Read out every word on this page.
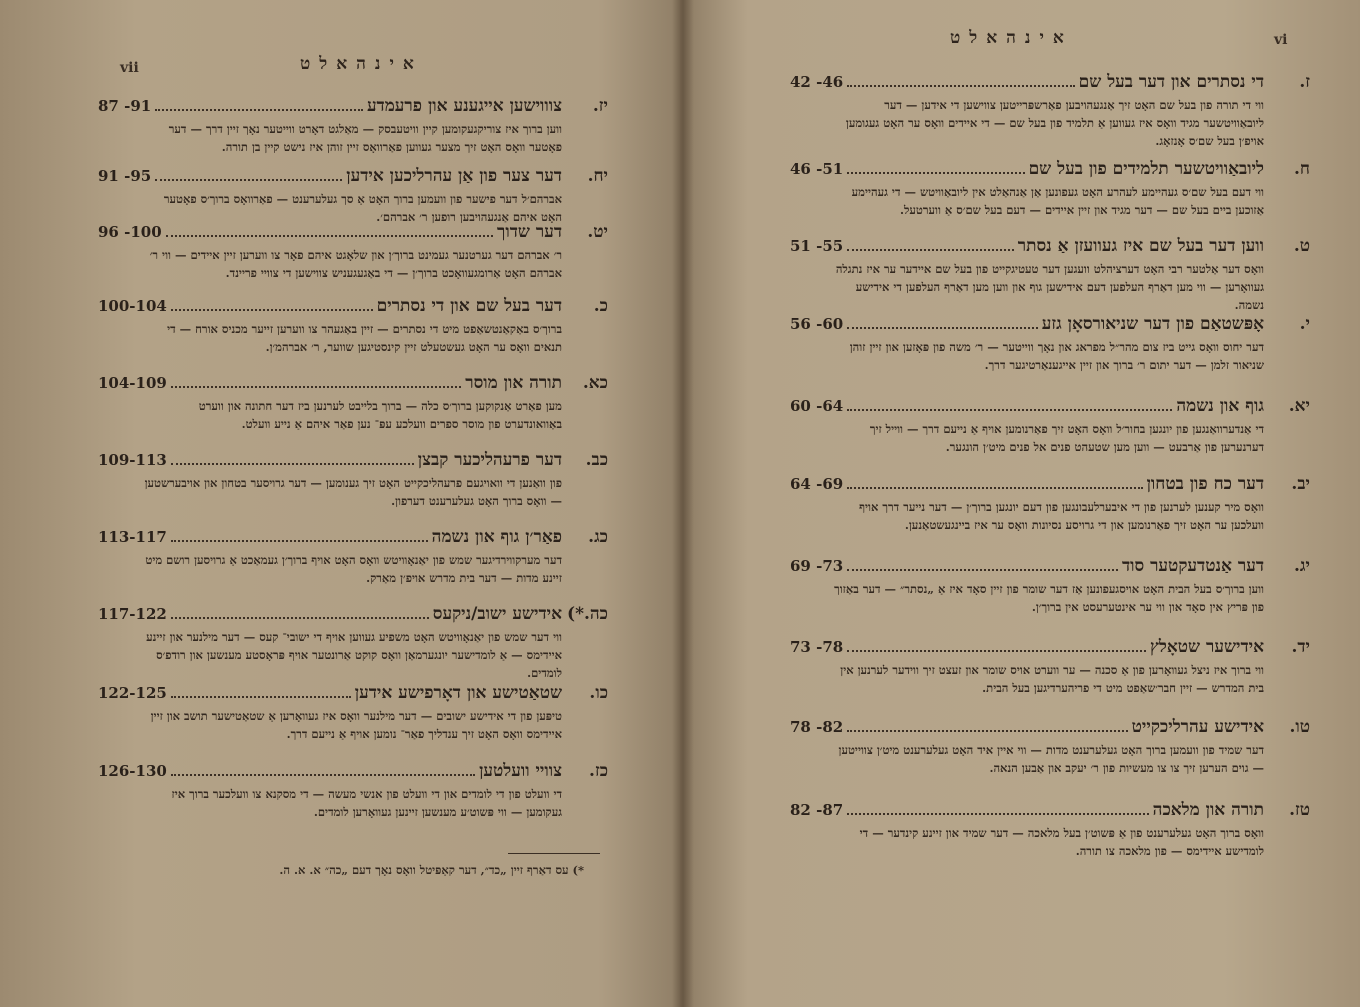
vii	אינהאלט
יז.
צוווישען אייגענע און פרעמדע
87 -91
ווען ברוך איז צוריקגעקומען קיין וויטעבסק — מאַלגט דאָרט ווייטער נאָך זיין דרך — דער פאָטער וואָס האָט זיך מצער געווען פאַרוואָס זיין זוהן איז נישט קיין בן תורה.
יח.
דער צער פון אַן עהרליכען אידען
91 -95
אברהם׳ל דער פישער פון וועמען ברוך האָט אַ סך געלערענט — פאַרוואָס ברוך׳ס פאָטער האָט איהם אַנגעהויבען רופען ר׳ אברהם׳.
יט.
דער שדוך
96 -100
ר׳ אברהם דער גערטנער געמינט ברוך׳ן און שלאָגט איהם פאָר צו ווערען זיין איידים — ווי ר׳ אברהם האָט אַרומגעוואָכט ברוך׳ן — די באַגעגעניש צווישען די צוויי פריינד.
כ.
דער בעל שם און די נסתרים
100-104
ברוך׳ס באַקאַנטשאַפט מיט די נסתרים — זיין באַגעהר צו ווערען זייער מכניס אורח — די תנאים וואָס ער האָט געשטעלט זיין קינסטיגען שווער, ר׳ אברהמ׳ן.
כא.
תורה און מוסר
104-109
מען פאַרט אַנקוקען ברוך׳ס כלה — ברוך בלייבט לערנען ביז דער חתונה און ווערט באַוואונדערט פון מוסר ספרים וועלכע עפּ־ נען פאַר איהם אַ נייע וועלט.
כב.
דער פרעהליכער קבצן
109-113
פון וואַנען די וואויגעם פרעהליכקייט האָט זיך גענומען — דער גרויסער בטחון און אויבערשטען — וואָס ברוך האָט געלערענט דערפון.
כג.
פאַר׳ן גוף און נשמה
113-117
דער מערקווירדיגער שמש פון יאַנאָוויטש וואָס האָט אויף ברוך׳ן געמאַכט אַ גרויסען רושם מיט זיינע מדות — דער בית מדרש אויפ׳ן מאַרק.
כה.*)
אידישע ישוב/ניקעס
117-122
ווי דער שמש פון יאַנאָוויטש האָט משפיע געווען אויף די ישובי־ קעס — דער מילנער און זיינע איידימס — אַ לומדישער יונגערמאַן וואָס קוקט אַרונטער אויף פּראָסטע מענשען און רודפ׳ס לומדים.
כו.
שטאַטישע און דאָרפישע אידען
122-125
טיפּען פון די אידישע ישובים — דער מילנער וואָס איז געוואָרען אַ שטאַטישער תושב און זיין איידימס וואָס האָט זיך ענדליך פאַר־ נומען אויף אַ נייעם דרך.
כז.
צוויי וועלטען
126-130
די וועלט פון די לומדים און די וועלט פון אנשי מעשה — די מסקנא צו וועלכער ברוך איז געקומען — ווי פּשוט׳ע מענשען זיינען געוואָרען לומדים.
*) עס דאַרף זיין „כד״, דער קאַפּיטל וואָס נאָך דעם „כה״ א. א. ה.
vi
אינהאלט
ז.
די נסתרים און דער בעל שם
42 -46
ווי די תורה פון בעל שם האָט זיך אַנגעהויבען פאַרשפּרייטען צווישען די אידען — דער ליובאַוויטשער מגיד וואָס איז געווען אַ תלמיד פון בעל שם — די איידים וואָס ער האָט געגומען אויפ׳ן בעל שם׳ס אָנזאָג.
ח.
ליובאַוויטשער תלמידים פון בעל שם
46 -51
ווי דעם בעל שם׳ס געהיימע לעהרע האָט געפונען אַן אַנהאַלט אין ליובאַוויטש — די געהיימע אַזוכען ביים בעל שם — דער מגיד און זיין איידים — דעם בעל שם׳ס אַ ווערטעל.
ט.
ווען דער בעל שם איז געוועזן אַ נסתר
51 -55
וואָס דער אַלטער רבי האָט דערציהלט וועגען דער טעטיגקייט פון בעל שם איידער ער איז נתגלה געוואָרען — ווי מען דאַרף העלפען דעם אידישען גוף און ווען מען דאַרף העלפען די אידישע נשמה.
י.
אָפּשטאַם פון דער שניאורסאָן גזע
56 -60
דער יחוס וואָס גייט ביז צום מהר״ל מפראג און נאָך ווייטער — ר׳ משה פון פּאָזען און זיין זוהן שניאור זלמן — דער יתום ר׳ ברוך און זיין אייגענאַרטיגער דרך.
יא.
גוף און נשמה
60 -64
די אַנדערוואַנגען פון יונגען בחור׳ל וואָס האָט זיך פאַרנומען אויף אַ נייעם דרך — ווייל זיך דערנערען פון אַרבעט — ווען מען שטעהט פנים אל פנים מיט׳ן הונגער.
יב.
דער כח פון בטחון
64 -69
וואָס מיר קענען לערנען פון די איבערלעבונגען פון דעם יונגען ברוך׳ן — דער נייער דרך אויף וועלכען ער האָט זיך פאַרנומען און די גרויסע נסיונות וואָס ער איז ביינגעשטאַנען.
יג.
דער אַנטדעקטער סוד
69 -73
ווען ברוך׳ס בעל הבית האָט אויסגעפונען אַז דער שומר פון זיין סאָד איז אַ „נסתר״ — דער באַזוך פון פּריץ אין סאָד און ווי ער אינטערעסט אין ברוך׳ן.
יד.
אידישער שטאָלץ
73 -78
ווי ברוך איז ניצל געוואָרען פון אַ סכנה — ער ווערט אויס שומר און זעצט זיך ווידער לערנען אין בית המדרש — זיין חבר׳שאַפט מיט די פריהערדיגען בעל הבית.
טו.
אידישע עהרליכקייט
78 -82
דער שמיד פון וועמען ברוך האָט געלערענט מדות — ווי איין איד האָט געלערענט מיט׳ן צווייטען — גוים הערען זיך צו צו מעשיות פון ר׳ יעקב און אַבען הנאה.
טז.
תורה און מלאכה
82 -87
וואָס ברוך האָט געלערענט פון אַ פּשוט׳ן בעל מלאכה — דער שמיד און זיינע קינדער — די לומדישע איידימס — פון מלאכה צו תורה.
